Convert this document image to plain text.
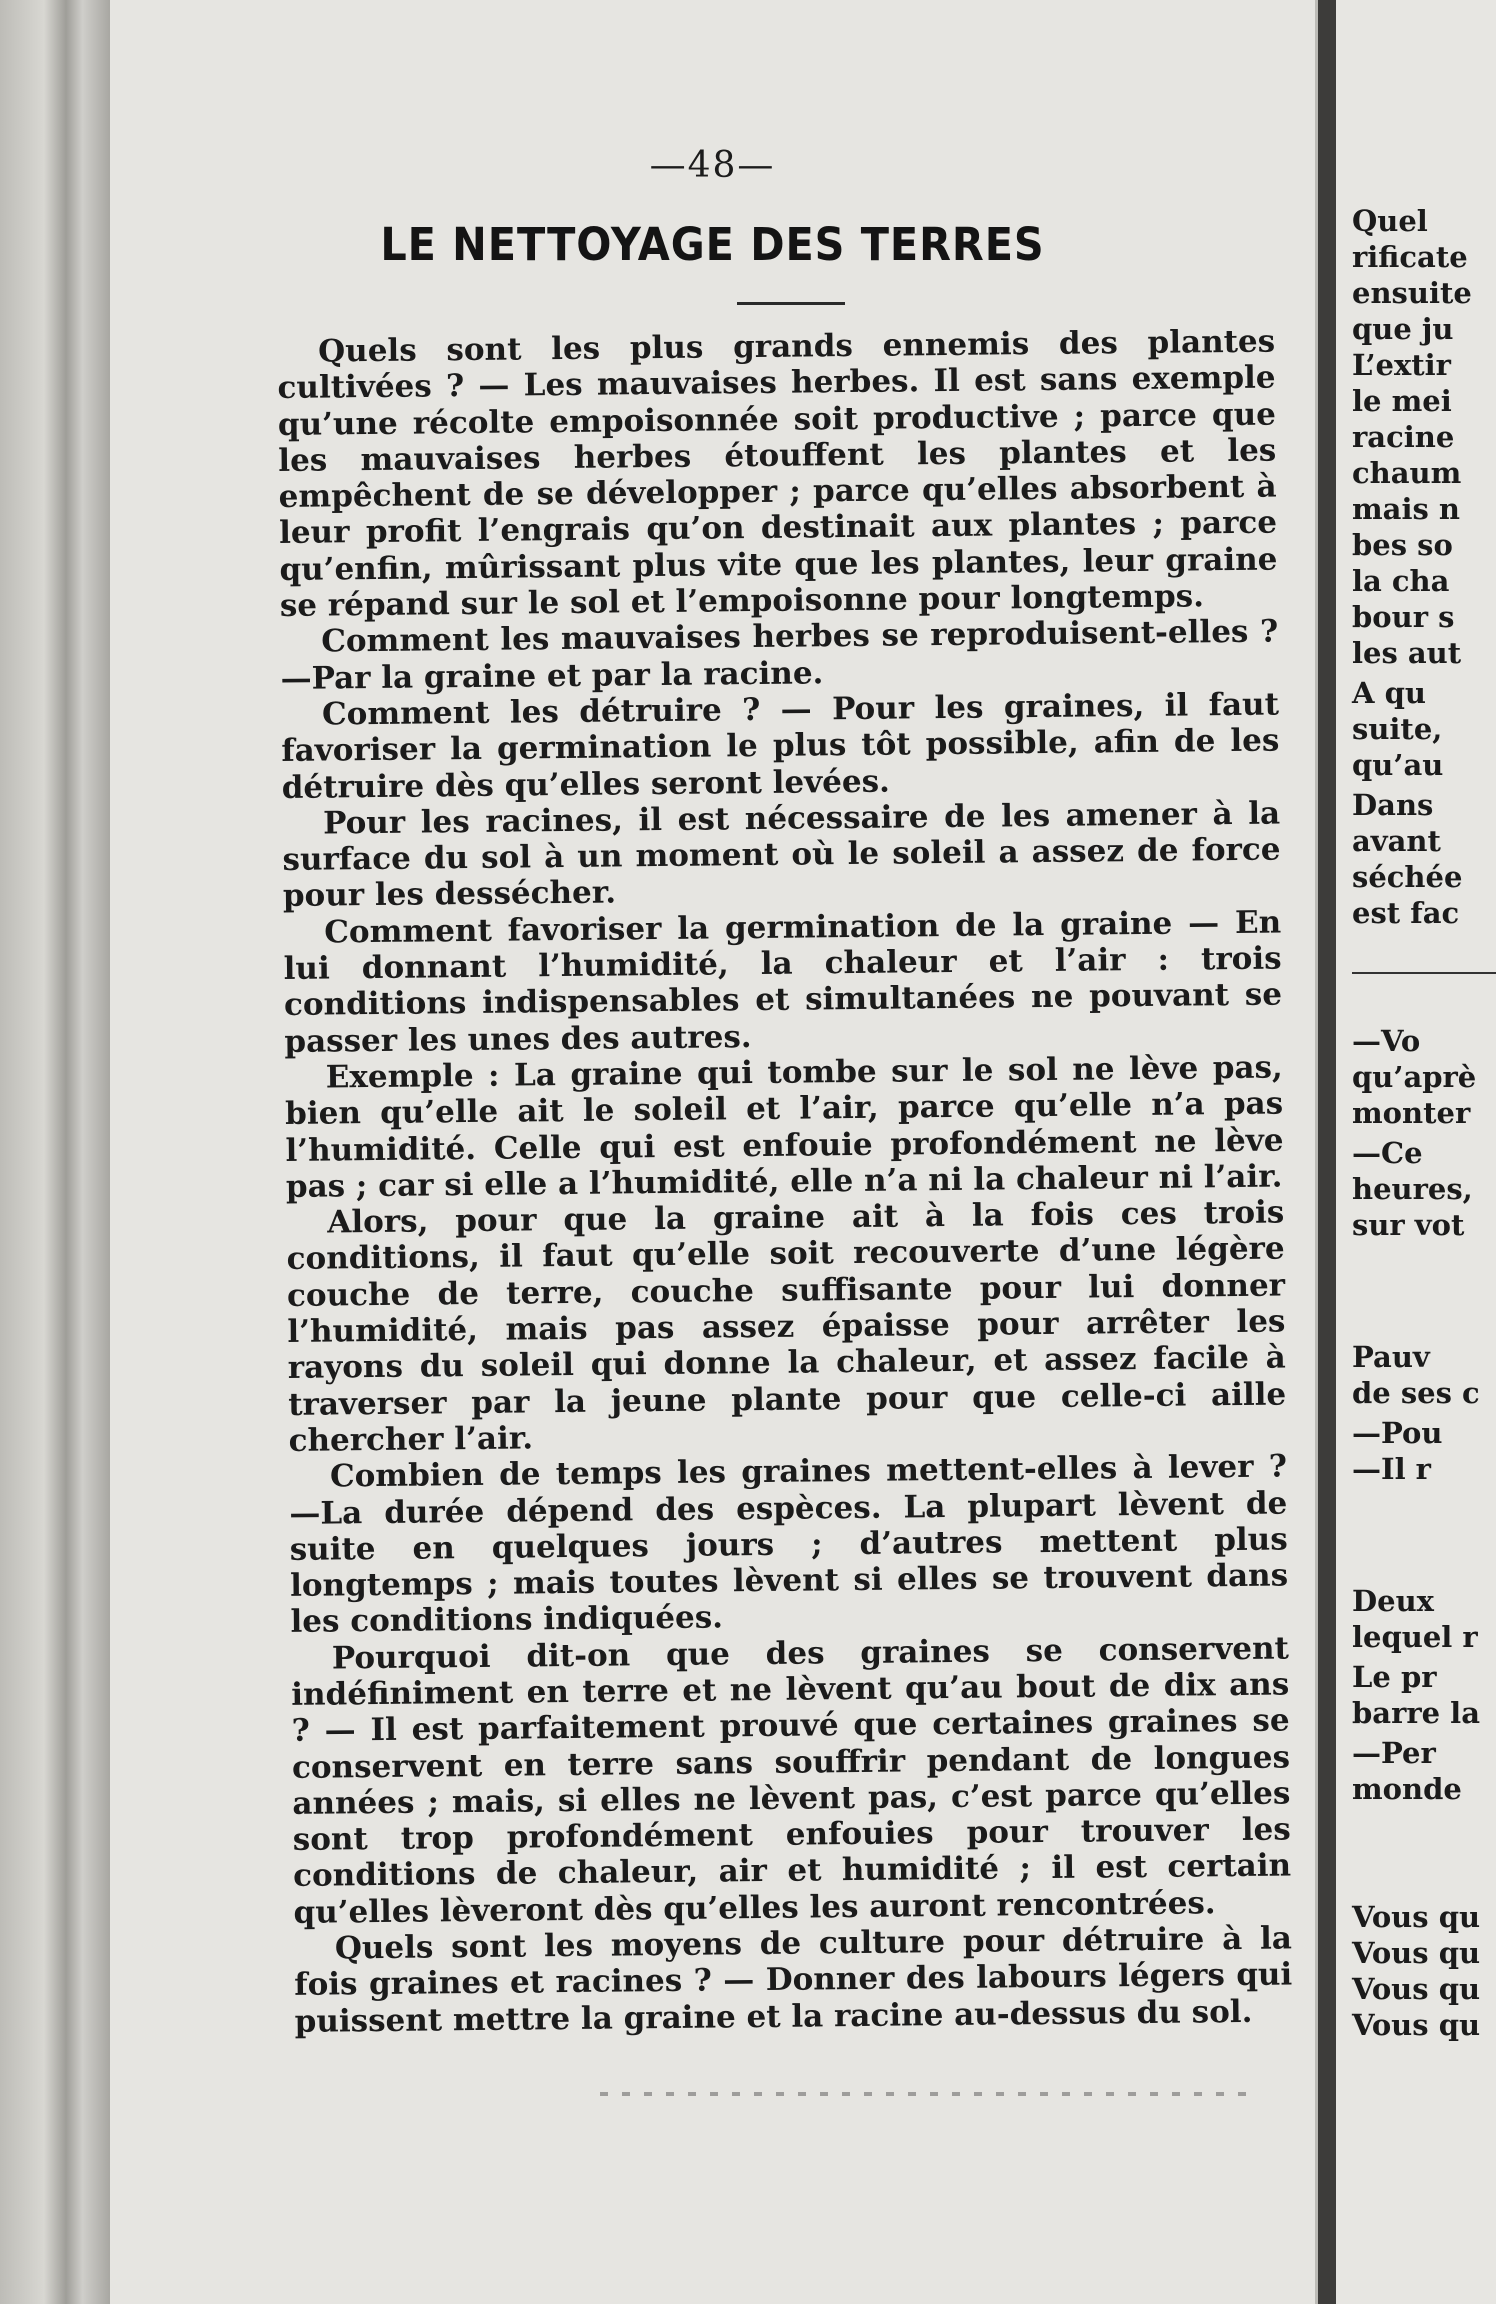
—48—
LE NETTOYAGE DES TERRES

Quels sont les plus grands ennemis des plantes cultivées ? — Les mauvaises herbes. Il est sans exemple qu’une récolte empoisonnée soit productive ; parce que les mauvaises herbes étouffent les plantes et les empêchent de se développer ; parce qu’elles absorbent à leur profit l’engrais qu’on destinait aux plantes ; parce qu’enfin, mûrissant plus vite que les plantes, leur graine se répand sur le sol et l’empoisonne pour longtemps.

Comment les mauvaises herbes se reproduisent-elles ? —Par la graine et par la racine.

Comment les détruire ? — Pour les graines, il faut favoriser la germination le plus tôt possible, afin de les détruire dès qu’elles seront levées.

Pour les racines, il est nécessaire de les amener à la surface du sol à un moment où le soleil a assez de force pour les dessécher.

Comment favoriser la germination de la graine — En lui donnant l’humidité, la chaleur et l’air : trois conditions indispensables et simultanées ne pouvant se passer les unes des autres.

Exemple : La graine qui tombe sur le sol ne lève pas, bien qu’elle ait le soleil et l’air, parce qu’elle n’a pas l’humidité. Celle qui est enfouie profondément ne lève pas ; car si elle a l’humidité, elle n’a ni la chaleur ni l’air.

Alors, pour que la graine ait à la fois ces trois conditions, il faut qu’elle soit recouverte d’une légère couche de terre, couche suffisante pour lui donner l’humidité, mais pas assez épaisse pour arrêter les rayons du soleil qui donne la chaleur, et assez facile à traverser par la jeune plante pour que celle-ci aille chercher l’air.

Combien de temps les graines mettent-elles à lever ? —La durée dépend des espèces. La plupart lèvent de suite en quelques jours ; d’autres mettent plus longtemps ; mais toutes lèvent si elles se trouvent dans les conditions indiquées.

Pourquoi dit-on que des graines se conservent indéfiniment en terre et ne lèvent qu’au bout de dix ans ? — Il est parfaitement prouvé que certaines graines se conservent en terre sans souffrir pendant de longues années ; mais, si elles ne lèvent pas, c’est parce qu’elles sont trop profondément enfouies pour trouver les conditions de chaleur, air et humidité ; il est certain qu’elles lèveront dès qu’elles les auront rencontrées.

Quels sont les moyens de culture pour détruire à la fois graines et racines ? — Donner des labours légers qui puissent mettre la graine et la racine au-dessus du sol.

Quel
rificate
ensuite
que ju
L’extir
le mei
racine
chaum
mais n
bes so
la cha
bour s
les aut
A qu
suite,
qu’au
Dans
avant
séchée
est fac
—Vo
qu’aprè
monter
—Ce
heures,
sur vot
Pauv
de ses c
—Pou
—Il r
Deux
lequel r
Le pr
barre la
—Per
monde
Vous qu
Vous qu
Vous qu
Vous qu
